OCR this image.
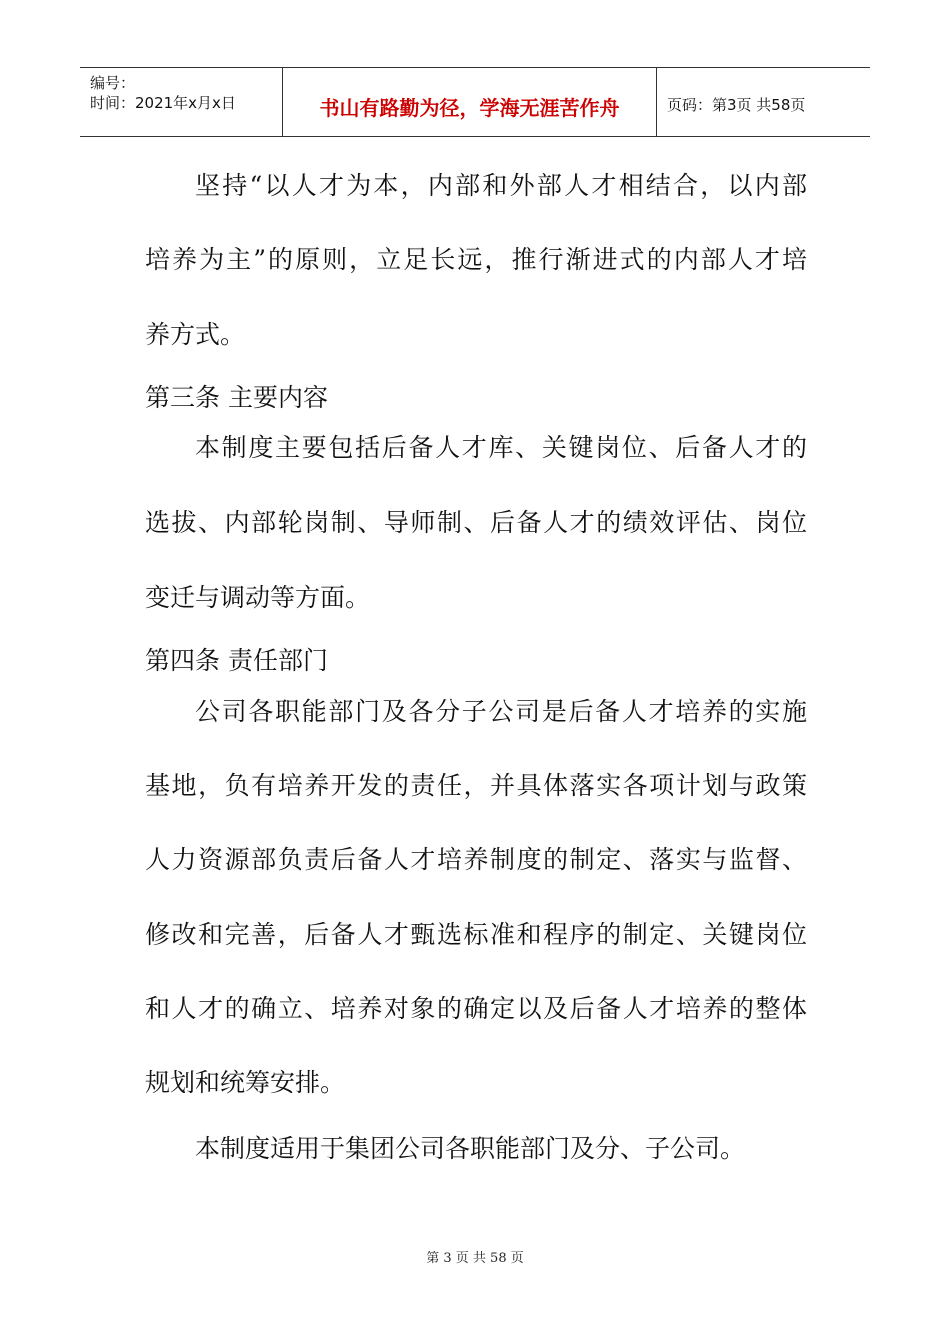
编号：
时间：2021年x月x日	书山有路勤为径，学海无涯苦作舟	页码：第3页 共58页
坚持“以人才为本，内部和外部人才相结合，以内部
培养为主”的原则，立足长远，推行渐进式的内部人才培
养方式。
第三条 主要内容
本制度主要包括后备人才库、关键岗位、后备人才的
选拔、内部轮岗制、导师制、后备人才的绩效评估、岗位
变迁与调动等方面。
第四条 责任部门
公司各职能部门及各分子公司是后备人才培养的实施
基地，负有培养开发的责任，并具体落实各项计划与政策
人力资源部负责后备人才培养制度的制定、落实与监督、
修改和完善，后备人才甄选标准和程序的制定、关键岗位
和人才的确立、培养对象的确定以及后备人才培养的整体
规划和统筹安排。
本制度适用于集团公司各职能部门及分、子公司。
第 3 页 共 58 页
